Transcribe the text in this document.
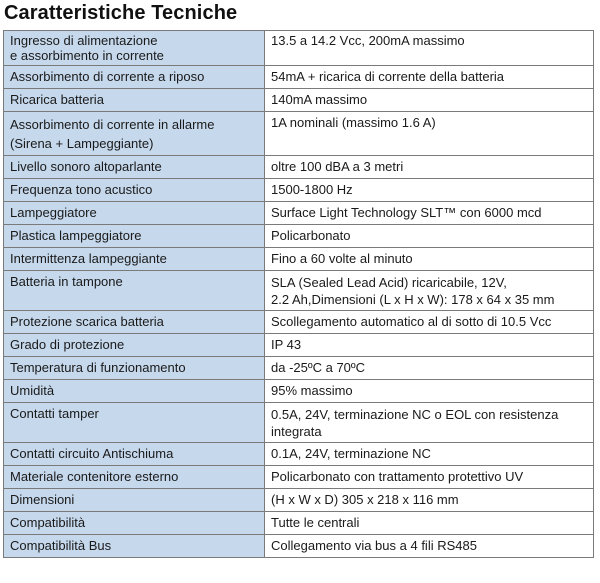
Caratteristiche Tecniche
Ingresso di alimentazione
e assorbimento in corrente	13.5 a 14.2 Vcc, 200mA massimo
Assorbimento di corrente a riposo	54mA + ricarica di corrente della batteria
Ricarica batteria	140mA massimo
Assorbimento di corrente in allarme
(Sirena + Lampeggiante)	1A nominali (massimo 1.6 A)
Livello sonoro altoparlante	oltre 100 dBA a 3 metri
Frequenza tono acustico	1500-1800 Hz
Lampeggiatore	Surface Light Technology SLT™ con 6000 mcd
Plastica lampeggiatore	Policarbonato
Intermittenza lampeggiante	Fino a 60 volte al minuto
Batteria in tampone	SLA (Sealed Lead Acid) ricaricabile, 12V,
2.2 Ah,Dimensioni (L x H x W): 178 x 64 x 35 mm
Protezione scarica batteria	Scollegamento automatico al di sotto di 10.5 Vcc
Grado di protezione	IP 43
Temperatura di funzionamento	da -25ºC a 70ºC
Umidità	95% massimo
Contatti tamper	0.5A, 24V, terminazione NC o EOL con resistenza
integrata
Contatti circuito Antischiuma	0.1A, 24V, terminazione NC
Materiale contenitore esterno	Policarbonato con trattamento protettivo UV
Dimensioni	(H x W x D) 305 x 218 x 116 mm
Compatibilità	Tutte le centrali
Compatibilità Bus	Collegamento via bus a 4 fili RS485
